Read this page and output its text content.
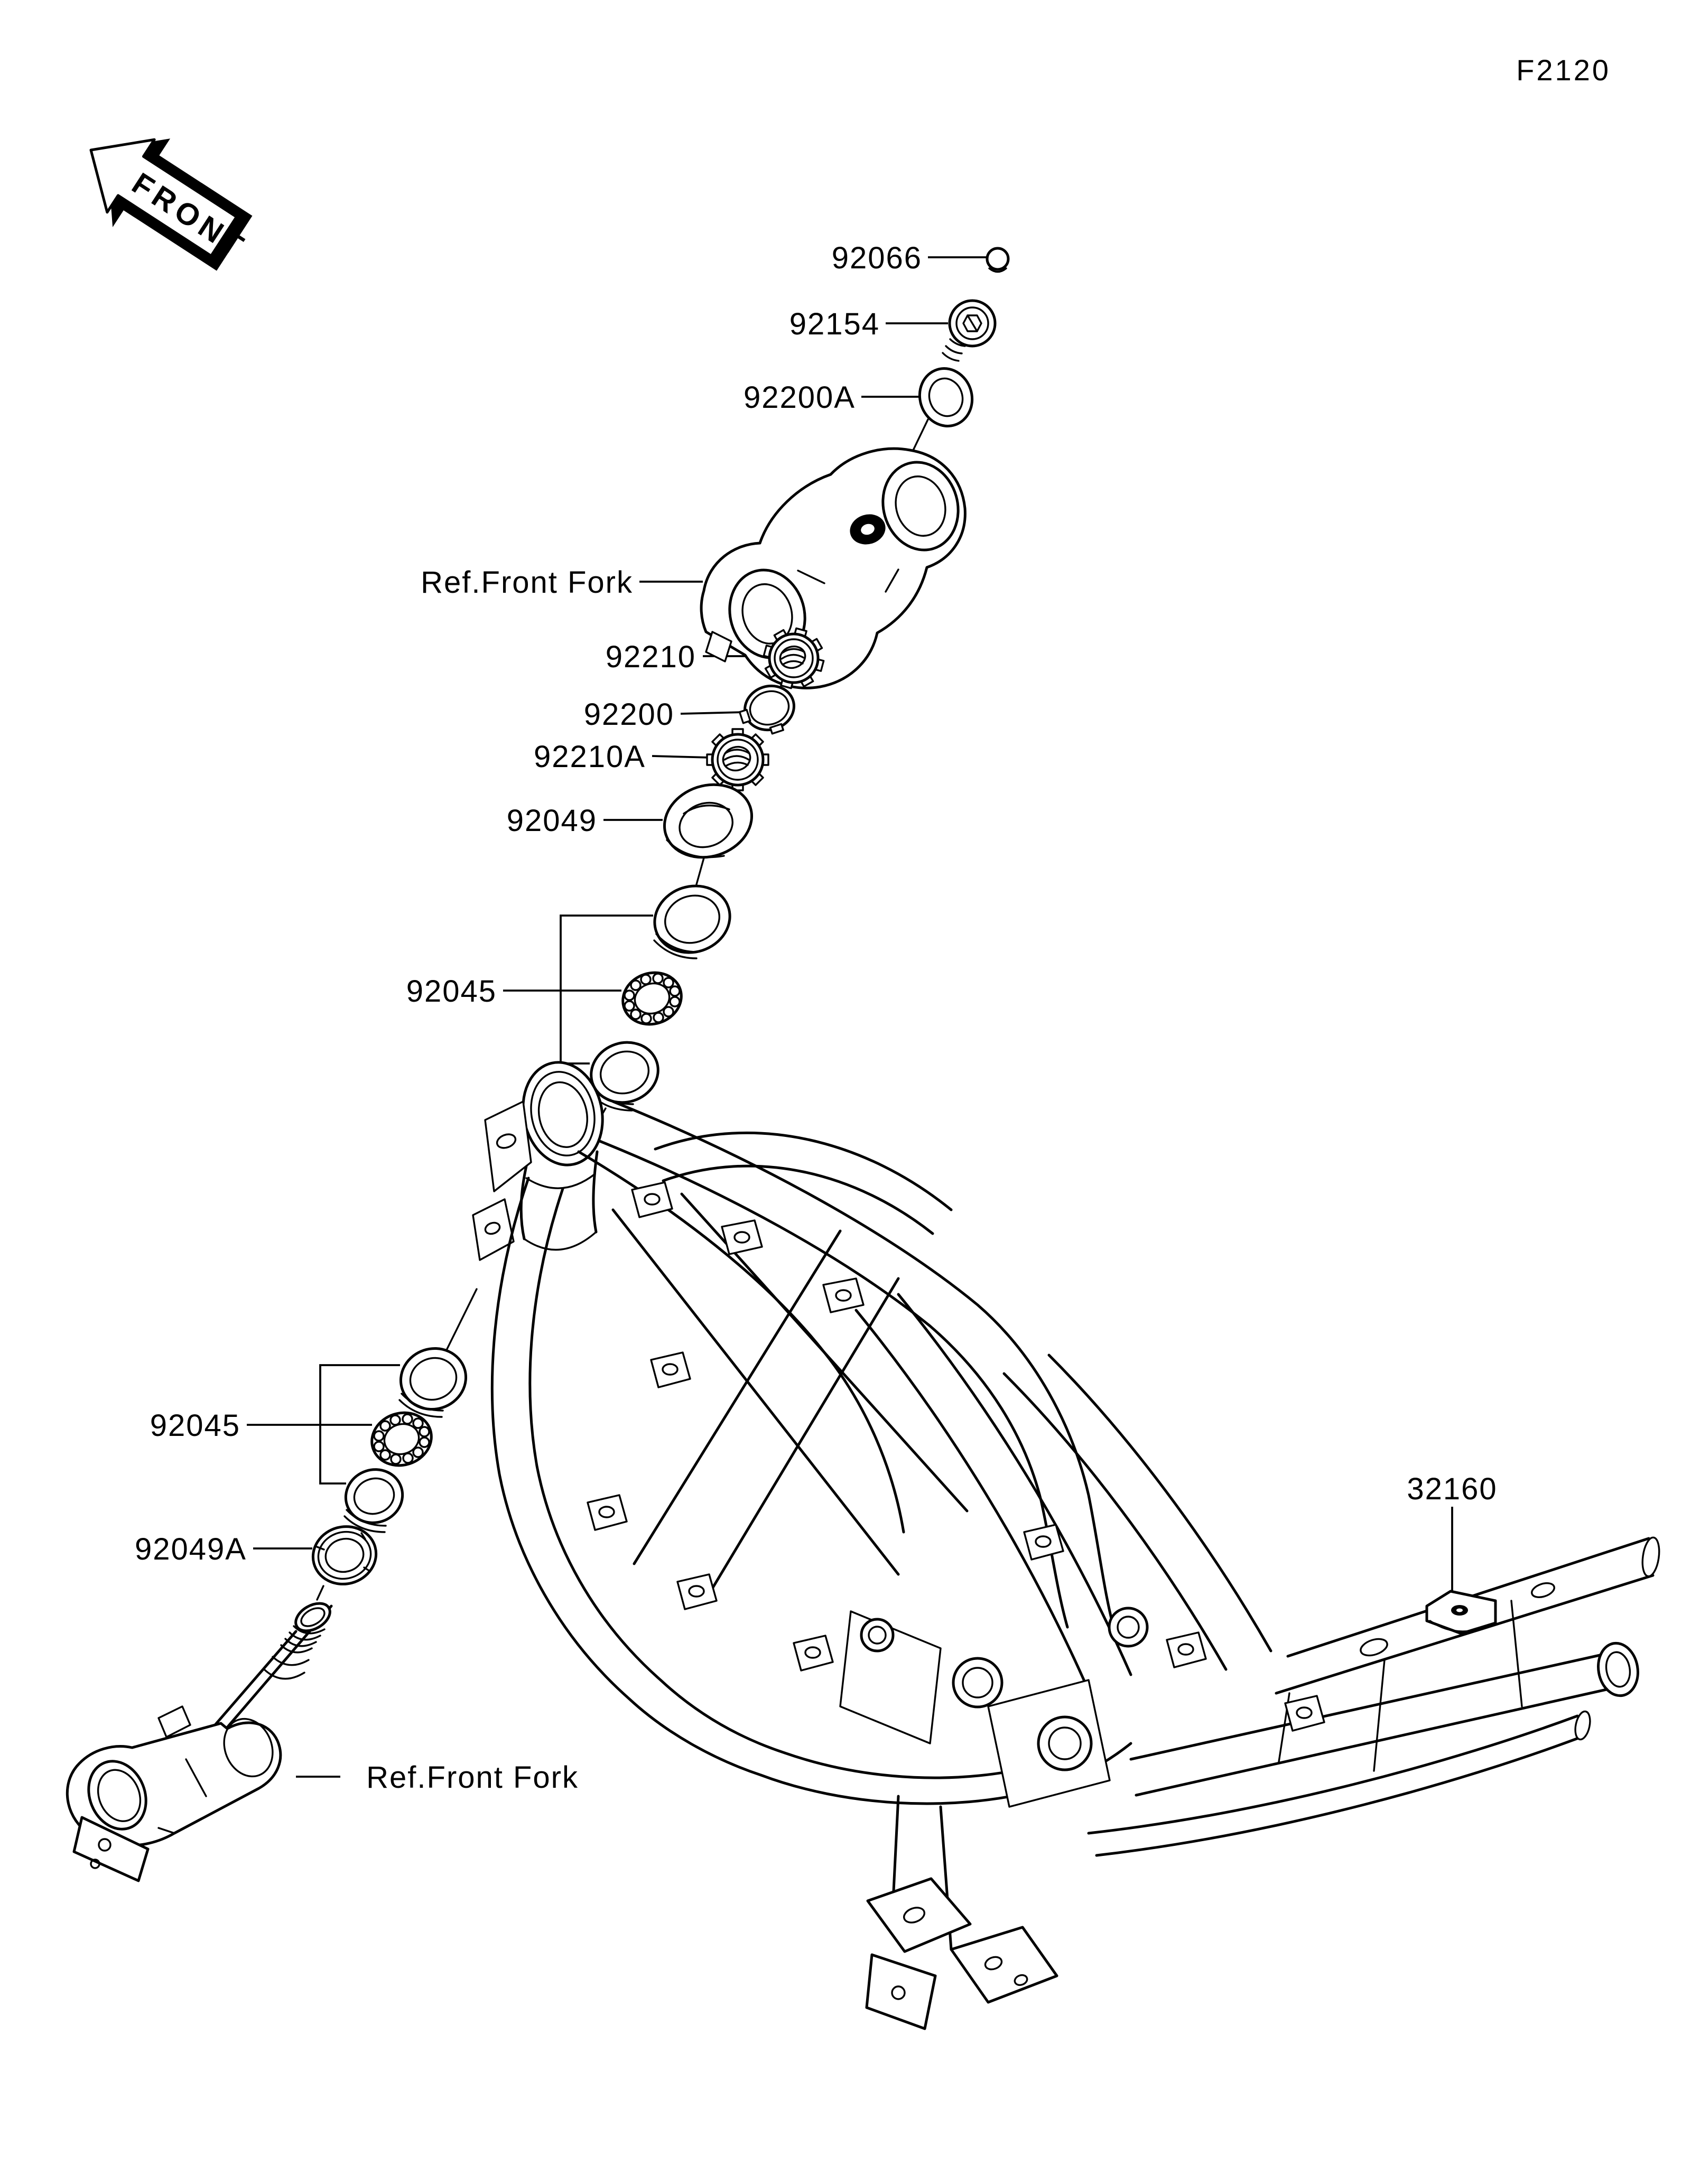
F2120
FRONT	92066
92154
92200A
Ref.Front Fork
92210
92200
92210A
92049
92045
92045
92049A
Ref.Front Fork
32160
